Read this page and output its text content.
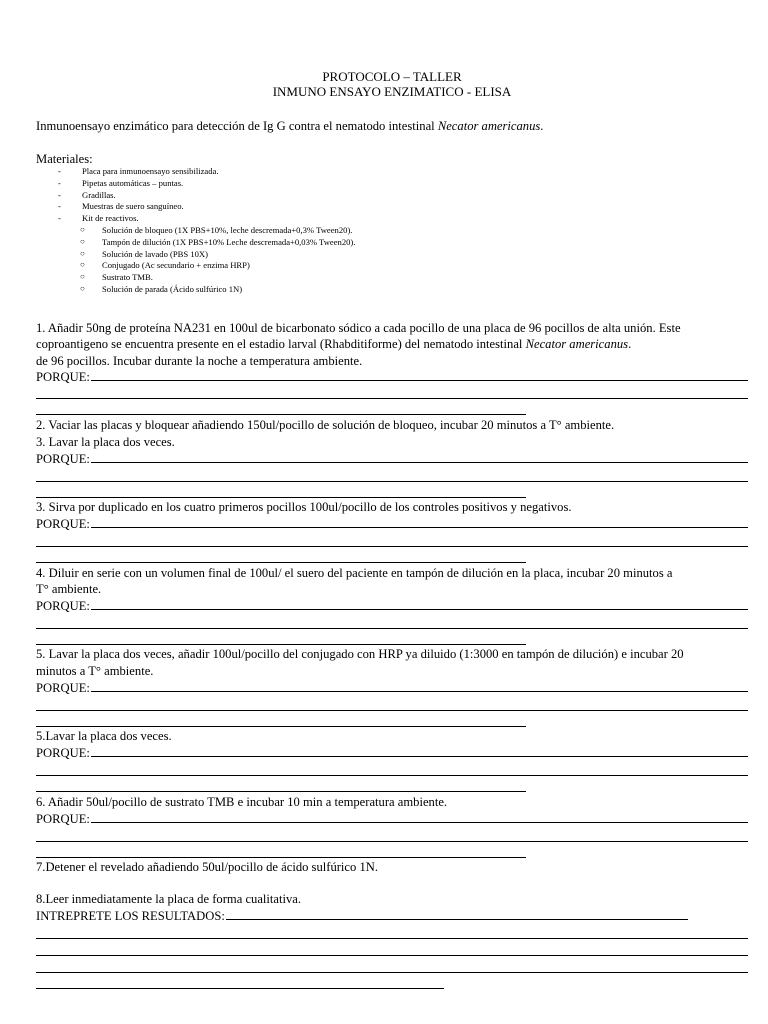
PROTOCOLO – TALLER
INMUNO ENSAYO ENZIMATICO - ELISA
Inmunoensayo enzimático para detección de Ig G contra el nematodo intestinal Necator americanus.
Materiales:
- Placa para inmunoensayo sensibilizada.
- Pipetas automáticas – puntas.
- Gradillas.
- Muestras de suero sanguíneo.
- Kit de reactivos.
○ Solución de bloqueo (1X PBS+10%, leche descremada+0,3% Tween20).
○ Tampón de dilución (1X PBS+10% Leche descremada+0,03% Tween20).
○ Solución de lavado (PBS 10X)
○ Conjugado (Ac secundario + enzima HRP)
○ Sustrato TMB.
○ Solución de parada (Ácido sulfúrico 1N)
1. Añadir 50ng de proteína NA231 en 100ul de bicarbonato sódico a cada pocillo de una placa de 96 pocillos de alta unión. Este
coproantigeno se encuentra presente en el estadio larval (Rhabditiforme) del nematodo intestinal Necator americanus.
de 96 pocillos. Incubar durante la noche a temperatura ambiente.
PORQUE:
2. Vaciar las placas y bloquear añadiendo 150ul/pocillo de solución de bloqueo, incubar 20 minutos a T° ambiente.
3. Lavar la placa dos veces.
PORQUE:
3. Sirva por duplicado en los cuatro primeros pocillos 100ul/pocillo de los controles positivos y negativos.
PORQUE:
4. Diluir en serie con un volumen final de 100ul/ el suero del paciente en tampón de dilución en la placa, incubar 20 minutos a
T° ambiente.
PORQUE:
5. Lavar la placa dos veces, añadir 100ul/pocillo del conjugado con HRP ya diluido (1:3000 en tampón de dilución) e incubar 20
minutos a T° ambiente.
PORQUE:
5.Lavar la placa dos veces.
PORQUE:
6. Añadir 50ul/pocillo de sustrato TMB e incubar 10 min a temperatura ambiente.
PORQUE:
7.Detener el revelado añadiendo 50ul/pocillo de ácido sulfúrico 1N.
8.Leer inmediatamente la placa de forma cualitativa.
INTREPRETE LOS RESULTADOS:
